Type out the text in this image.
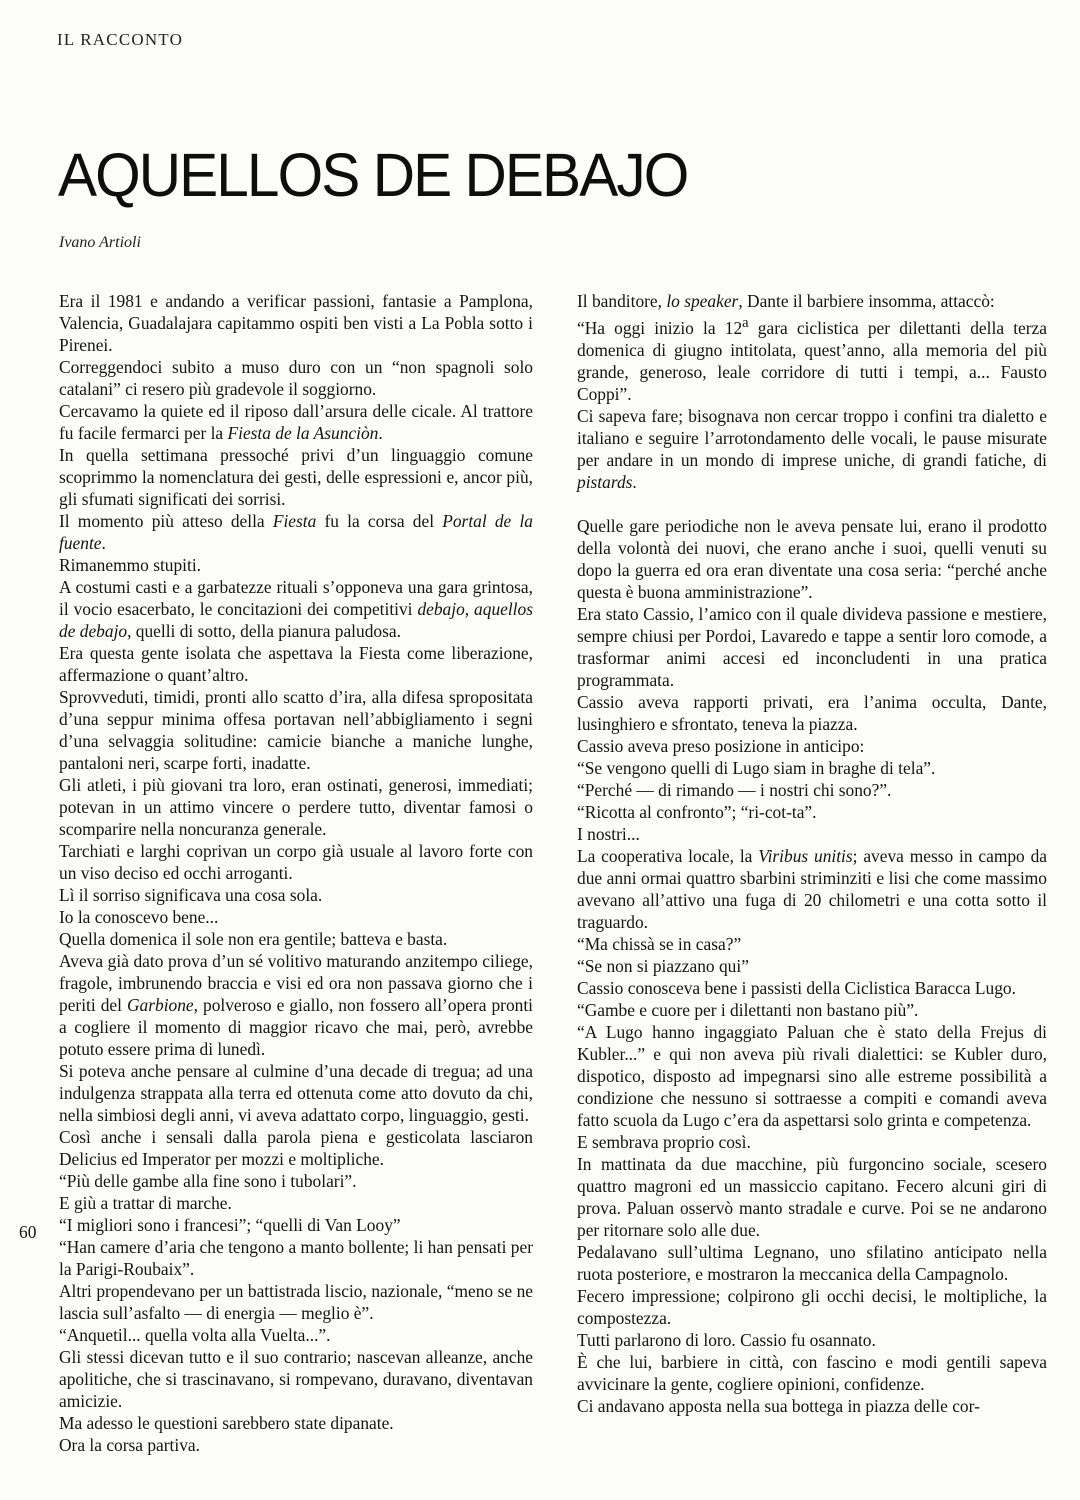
IL RACCONTO
AQUELLOS DE DEBAJO
Ivano Artioli

Era il 1981 e andando a verificar passioni, fantasie a Pamplona, Valencia, Guadalajara capitammo ospiti ben visti a La Pobla sotto i Pirenei.

Correggendoci subito a muso duro con un “non spagnoli solo catalani” ci resero più gradevole il soggiorno.

Cercavamo la quiete ed il riposo dall’arsura delle cicale. Al trattore fu facile fermarci per la Fiesta de la Asunciòn.

In quella settimana pressoché privi d’un linguaggio comune scoprimmo la nomenclatura dei gesti, delle espressioni e, ancor più, gli sfumati significati dei sorrisi.

Il momento più atteso della Fiesta fu la corsa del Portal de la fuente.

Rimanemmo stupiti.

A costumi casti e a garbatezze rituali s’opponeva una gara grintosa, il vocio esacerbato, le concitazioni dei competitivi debajo, aquellos de debajo, quelli di sotto, della pianura paludosa.

Era questa gente isolata che aspettava la Fiesta come liberazione, affermazione o quant’altro.

Sprovveduti, timidi, pronti allo scatto d’ira, alla difesa spropositata d’una seppur minima offesa portavan nell’abbigliamento i segni d’una selvaggia solitudine: camicie bianche a maniche lunghe, pantaloni neri, scarpe forti, inadatte.

Gli atleti, i più giovani tra loro, eran ostinati, generosi, immediati; potevan in un attimo vincere o perdere tutto, diventar famosi o scomparire nella noncuranza generale.

Tarchiati e larghi coprivan un corpo già usuale al lavoro forte con un viso deciso ed occhi arroganti.

Lì il sorriso significava una cosa sola.

Io la conoscevo bene...

Quella domenica il sole non era gentile; batteva e basta.

Aveva già dato prova d’un sé volitivo maturando anzitempo ciliege, fragole, imbrunendo braccia e visi ed ora non passava giorno che i periti del Garbione, polveroso e giallo, non fossero all’opera pronti a cogliere il momento di maggior ricavo che mai, però, avrebbe potuto essere prima di lunedì.

Si poteva anche pensare al culmine d’una decade di tregua; ad una indulgenza strappata alla terra ed ottenuta come atto dovuto da chi, nella simbiosi degli anni, vi aveva adattato corpo, linguaggio, gesti.

Così anche i sensali dalla parola piena e gesticolata lasciaron Delicius ed Imperator per mozzi e moltipliche.

“Più delle gambe alla fine sono i tubolari”.

E giù a trattar di marche.

“I migliori sono i francesi”; “quelli di Van Looy”

“Han camere d’aria che tengono a manto bollente; li han pensati per la Parigi-Roubaix”.

Altri propendevano per un battistrada liscio, nazionale, “meno se ne lascia sull’asfalto — di energia — meglio è”.

“Anquetil... quella volta alla Vuelta...”.

Gli stessi dicevan tutto e il suo contrario; nascevan alleanze, anche apolitiche, che si trascinavano, si rompevano, duravano, diventavan amicizie.

Ma adesso le questioni sarebbero state dipanate.

Ora la corsa partiva.

Il banditore, lo speaker, Dante il barbiere insomma, attaccò:

“Ha oggi inizio la 12$^a$ gara ciclistica per dilettanti della terza domenica di giugno intitolata, quest’anno, alla memoria del più grande, generoso, leale corridore di tutti i tempi, a... Fausto Coppi”.

Ci sapeva fare; bisognava non cercar troppo i confini tra dialetto e italiano e seguire l’arrotondamento delle vocali, le pause misurate per andare in un mondo di imprese uniche, di grandi fatiche, di pistards.

Quelle gare periodiche non le aveva pensate lui, erano il prodotto della volontà dei nuovi, che erano anche i suoi, quelli venuti su dopo la guerra ed ora eran diventate una cosa seria: “perché anche questa è buona amministrazione”.

Era stato Cassio, l’amico con il quale divideva passione e mestiere, sempre chiusi per Pordoi, Lavaredo e tappe a sentir loro comode, a trasformar animi accesi ed inconcludenti in una pratica programmata.

Cassio aveva rapporti privati, era l’anima occulta, Dante, lusinghiero e sfrontato, teneva la piazza.

Cassio aveva preso posizione in anticipo:

“Se vengono quelli di Lugo siam in braghe di tela”.

“Perché — di rimando — i nostri chi sono?”.

“Ricotta al confronto”; “ri-cot-ta”.

I nostri...

La cooperativa locale, la Viribus unitis; aveva messo in campo da due anni ormai quattro sbarbini striminziti e lisi che come massimo avevano all’attivo una fuga di 20 chilometri e una cotta sotto il traguardo.

“Ma chissà se in casa?”

“Se non si piazzano qui”

Cassio conosceva bene i passisti della Ciclistica Baracca Lugo.

“Gambe e cuore per i dilettanti non bastano più”.

“A Lugo hanno ingaggiato Paluan che è stato della Frejus di Kubler...” e qui non aveva più rivali dialettici: se Kubler duro, dispotico, disposto ad impegnarsi sino alle estreme possibilità a condizione che nessuno si sottraesse a compiti e comandi aveva fatto scuola da Lugo c’era da aspettarsi solo grinta e competenza.

E sembrava proprio così.

In mattinata da due macchine, più furgoncino sociale, scesero quattro magroni ed un massiccio capitano. Fecero alcuni giri di prova. Paluan osservò manto stradale e curve. Poi se ne andarono per ritornare solo alle due.

Pedalavano sull’ultima Legnano, uno sfilatino anticipato nella ruota posteriore, e mostraron la meccanica della Campagnolo.

Fecero impressione; colpirono gli occhi decisi, le moltipliche, la compostezza.

Tutti parlarono di loro. Cassio fu osannato.

È che lui, barbiere in città, con fascino e modi gentili sapeva avvicinare la gente, cogliere opinioni, confidenze.

Ci andavano apposta nella sua bottega in piazza delle cor-

60
